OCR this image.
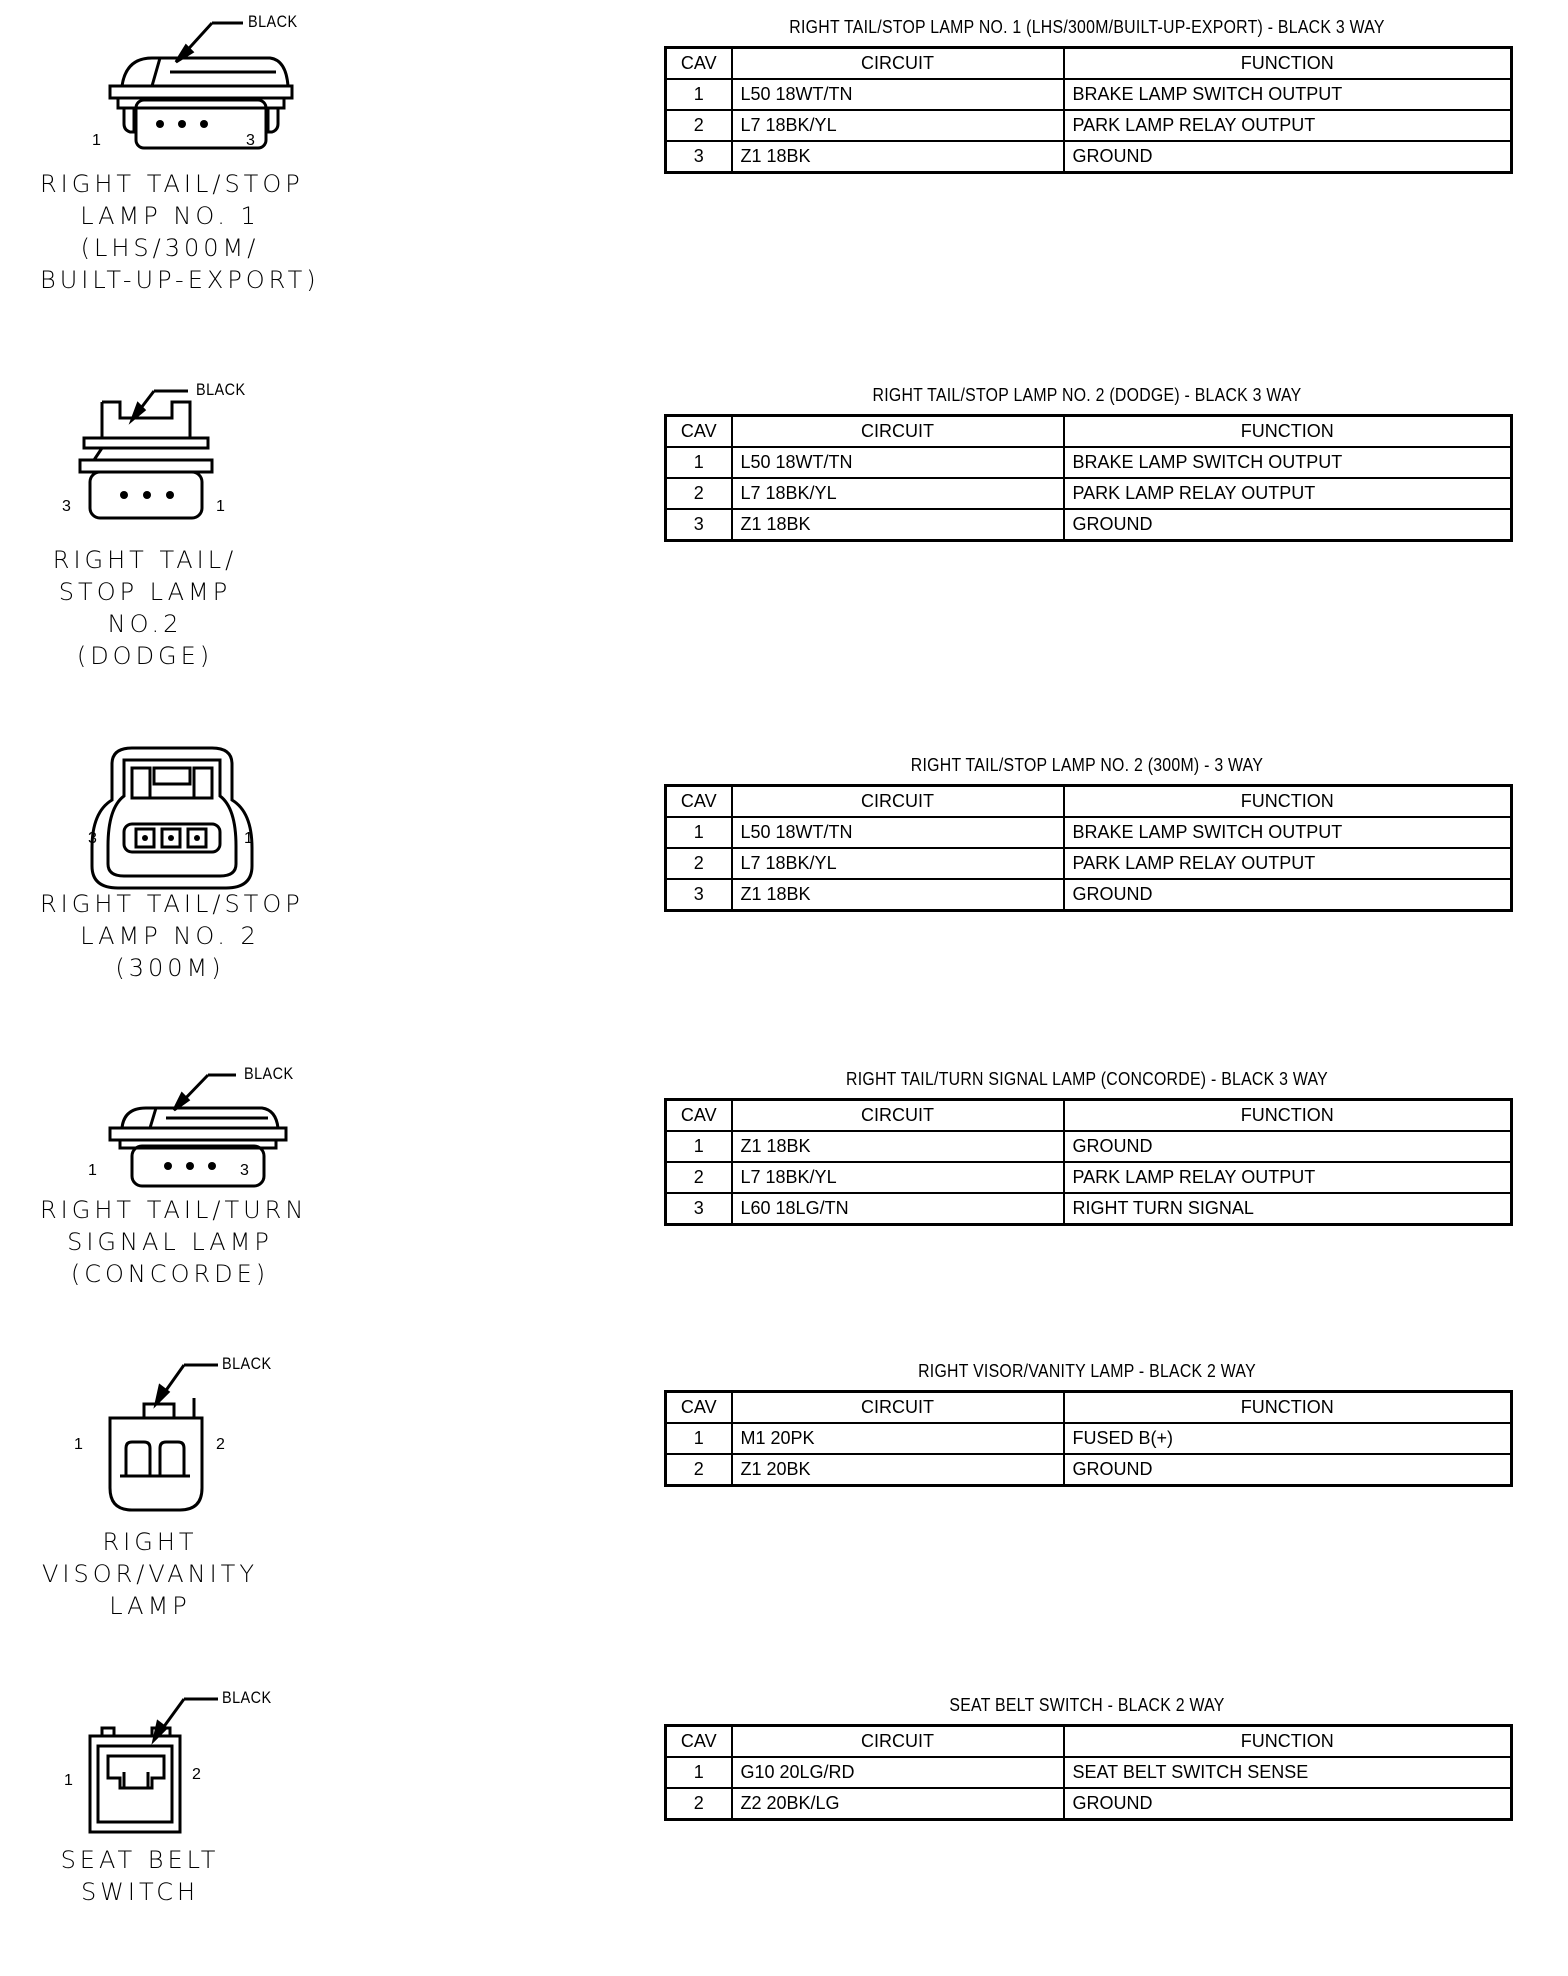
BLACK
1	3
RIGHT TAIL/STOP
LAMP NO. 1
(LHS/300M/
BUILT-UP-EXPORT)
RIGHT TAIL/STOP LAMP NO. 1 (LHS/300M/BUILT-UP-EXPORT) - BLACK 3 WAY
CAV	CIRCUIT	FUNCTION
1	L50 18WT/TN	BRAKE LAMP SWITCH OUTPUT
2	L7 18BK/YL	PARK LAMP RELAY OUTPUT
3	Z1 18BK	GROUND
BLACK
3	1
RIGHT TAIL/
STOP LAMP
NO.2
(DODGE)
RIGHT TAIL/STOP LAMP NO. 2 (DODGE) - BLACK 3 WAY
CAV	CIRCUIT	FUNCTION
1	L50 18WT/TN	BRAKE LAMP SWITCH OUTPUT
2	L7 18BK/YL	PARK LAMP RELAY OUTPUT
3	Z1 18BK	GROUND
3	1
RIGHT TAIL/STOP
LAMP NO. 2
(300M)
RIGHT TAIL/STOP LAMP NO. 2 (300M) - 3 WAY
CAV	CIRCUIT	FUNCTION
1	L50 18WT/TN	BRAKE LAMP SWITCH OUTPUT
2	L7 18BK/YL	PARK LAMP RELAY OUTPUT
3	Z1 18BK	GROUND
BLACK
1	3
RIGHT TAIL/TURN
SIGNAL LAMP
(CONCORDE)
RIGHT TAIL/TURN SIGNAL LAMP (CONCORDE) - BLACK 3 WAY
CAV	CIRCUIT	FUNCTION
1	Z1 18BK	GROUND
2	L7 18BK/YL	PARK LAMP RELAY OUTPUT
3	L60 18LG/TN	RIGHT TURN SIGNAL
BLACK
1	2
RIGHT
VISOR/VANITY
LAMP
RIGHT VISOR/VANITY LAMP - BLACK 2 WAY
CAV	CIRCUIT	FUNCTION
1	M1 20PK	FUSED B(+)
2	Z1 20BK	GROUND
BLACK
1	2
SEAT BELT
SWITCH
SEAT BELT SWITCH - BLACK 2 WAY
CAV	CIRCUIT	FUNCTION
1	G10 20LG/RD	SEAT BELT SWITCH SENSE
2	Z2 20BK/LG	GROUND
